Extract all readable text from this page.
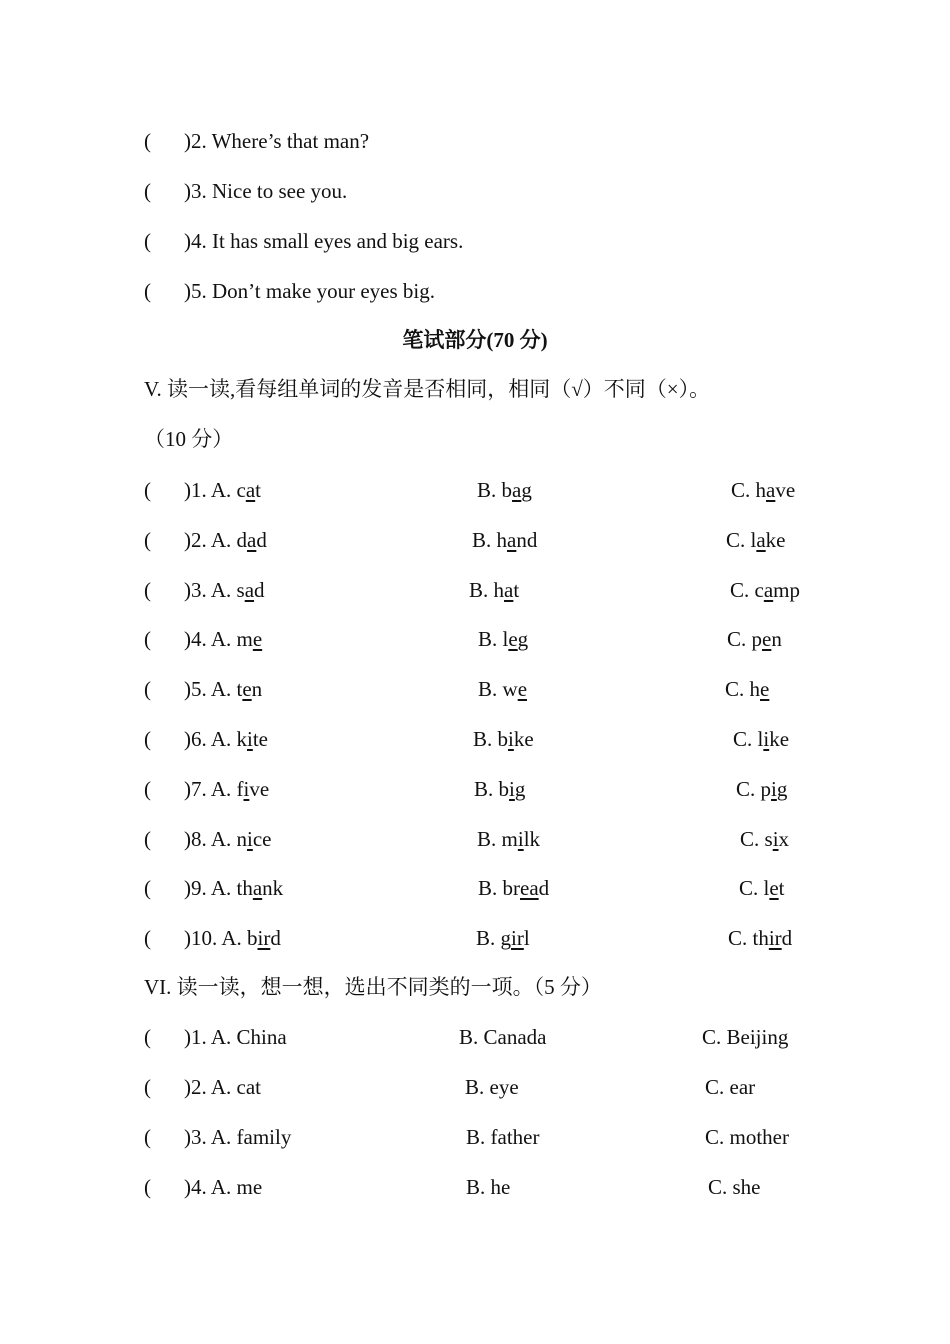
( )2. Where’s that man?
( )3. Nice to see you.
( )4. It has small eyes and big ears.
( )5. Don’t make your eyes big.
笔试部分(70 分)
V. 读一读,看每组单词的发音是否相同，相同（√）不同（×）。
（10 分）
( )1. A. cat	B. bag	C. have
( )2. A. dad	B. hand	C. lake
( )3. A. sad	B. hat	C. camp
( )4. A. me	B. leg	C. pen
( )5. A. ten	B. we	C. he
( )6. A. kite	B. bike	C. like
( )7. A. five	B. big	C. pig
( )8. A. nice	B. milk	C. six
( )9. A. thank	B. bread	C. let
( )10. A. bird	B. girl	C. third
VI. 读一读，想一想，选出不同类的一项。（5 分）
( )1. A. China	B. Canada	C. Beijing
( )2. A. cat	B. eye	C. ear
( )3. A. family	B. father	C. mother
( )4. A. me	B. he	C. she
